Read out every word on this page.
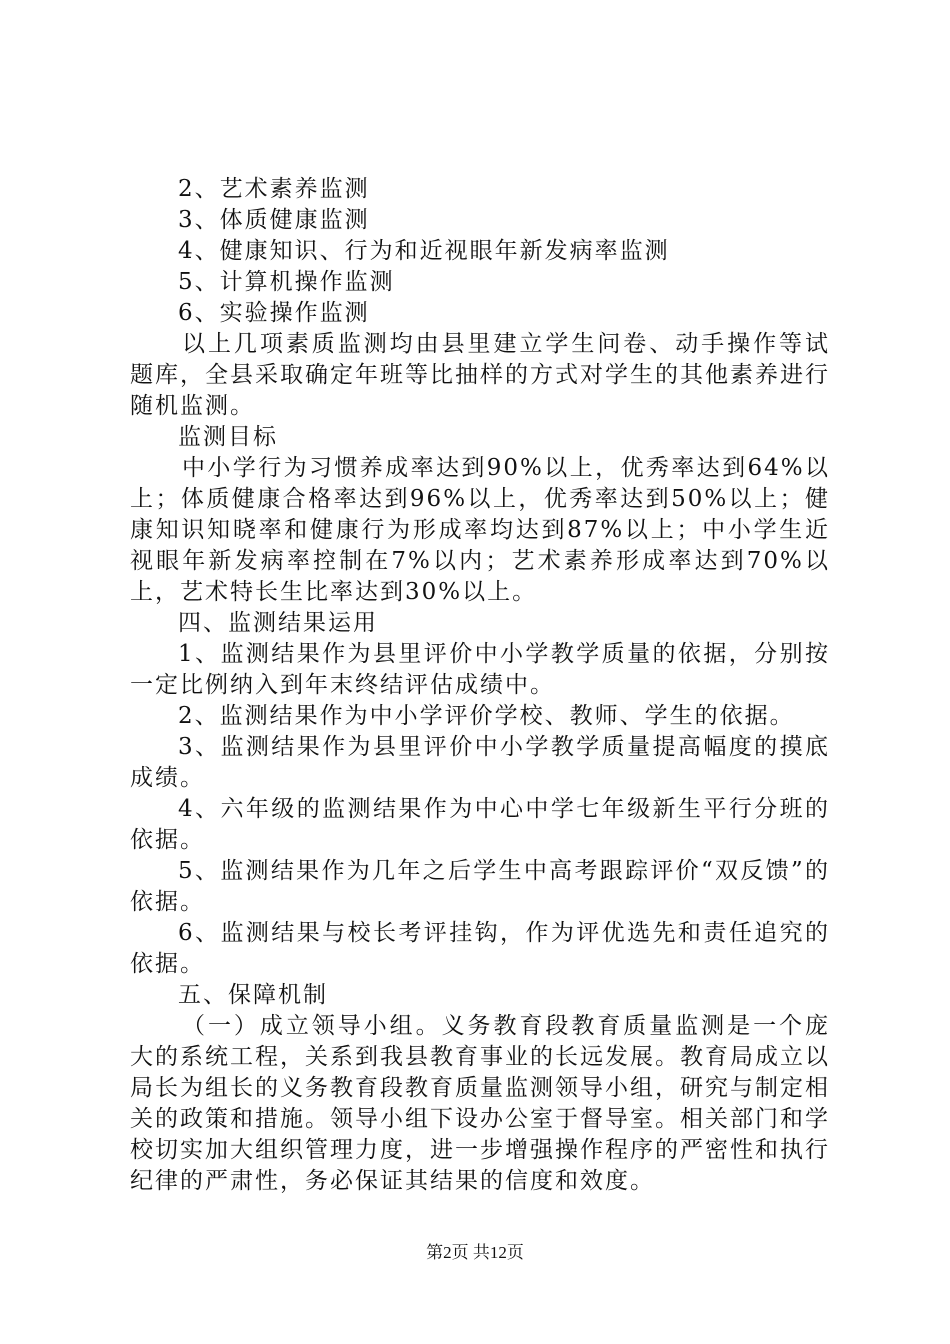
2、艺术素养监测

3、体质健康监测

4、健康知识、行为和近视眼年新发病率监测

5、计算机操作监测

6、实验操作监测

以上几项素质监测均由县里建立学生问卷、动手操作等试题库，全县采取确定年班等比抽样的方式对学生的其他素养进行随机监测。

监测目标

中小学行为习惯养成率达到90%以上，优秀率达到64%以上；体质健康合格率达到96%以上，优秀率达到50%以上；健康知识知晓率和健康行为形成率均达到87%以上；中小学生近视眼年新发病率控制在7%以内；艺术素养形成率达到70%以上，艺术特长生比率达到30%以上。

四、监测结果运用

1、监测结果作为县里评价中小学教学质量的依据，分别按一定比例纳入到年末终结评估成绩中。

2、监测结果作为中小学评价学校、教师、学生的依据。

3、监测结果作为县里评价中小学教学质量提高幅度的摸底成绩。

4、六年级的监测结果作为中心中学七年级新生平行分班的依据。

5、监测结果作为几年之后学生中高考跟踪评价“双反馈”的依据。

6、监测结果与校长考评挂钩，作为评优选先和责任追究的依据。

五、保障机制

（一）成立领导小组。义务教育段教育质量监测是一个庞大的系统工程，关系到我县教育事业的长远发展。教育局成立以局长为组长的义务教育段教育质量监测领导小组，研究与制定相关的政策和措施。领导小组下设办公室于督导室。相关部门和学校切实加大组织管理力度，进一步增强操作程序的严密性和执行纪律的严肃性，务必保证其结果的信度和效度。

第2页 共12页
